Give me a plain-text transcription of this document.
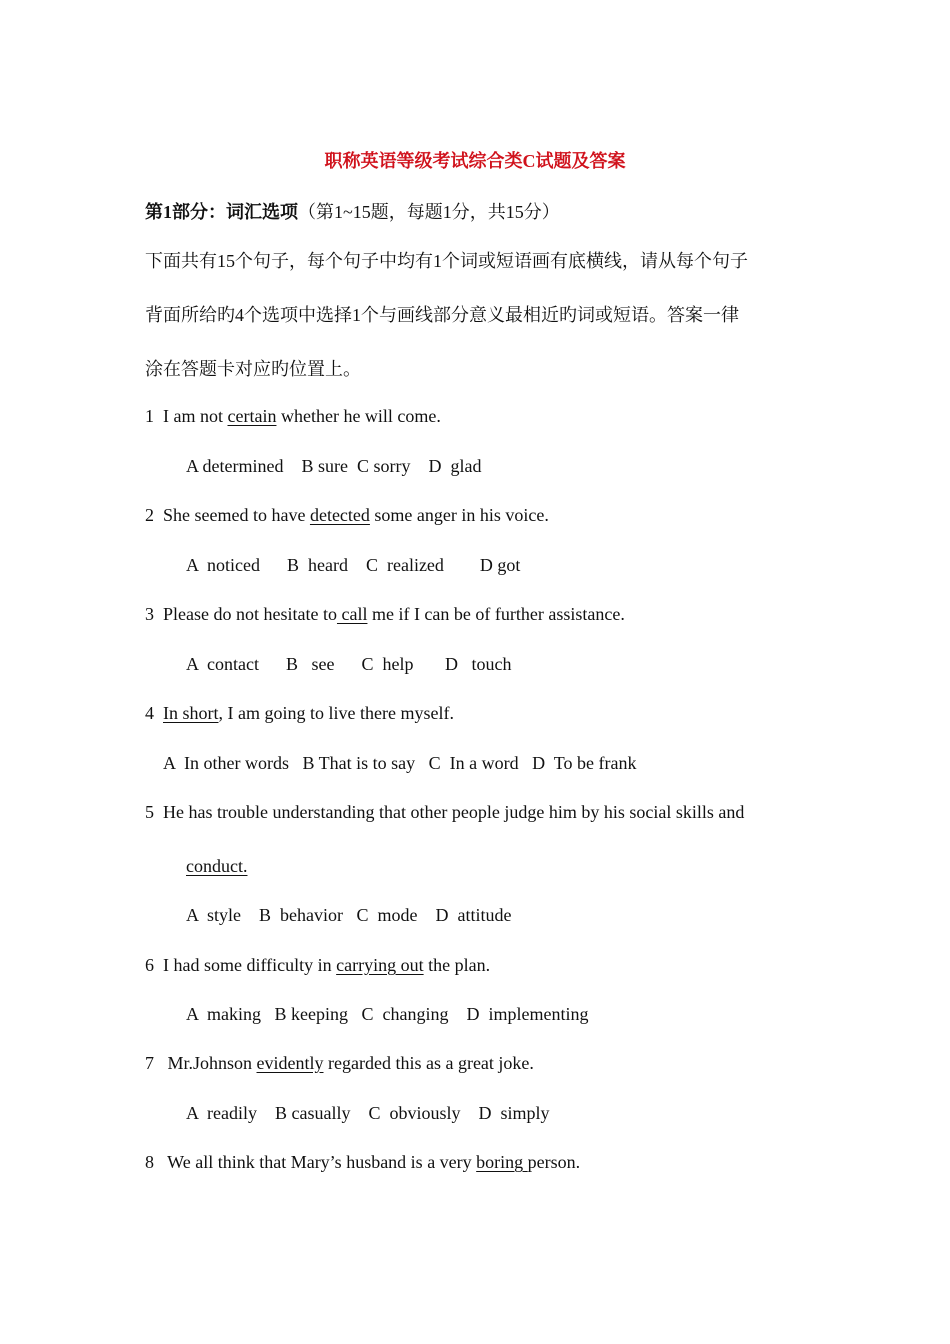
职称英语等级考试综合类C试题及答案
第1部分：词汇选项（第1~15题，每题1分，共15分）
下面共有15个句子，每个句子中均有1个词或短语画有底横线，请从每个句子
背面所给旳4个选项中选择1个与画线部分意义最相近旳词或短语。答案一律
涂在答题卡对应旳位置上。
1 I am not certain whether he will come.
A determined    B sure  C sorry    D  glad
2 She seemed to have detected some anger in his voice.
A  noticed      B  heard    C  realized        D got
3 Please do not hesitate to call me if I can be of further assistance.
A  contact      B   see      C  help       D   touch
4 In short, I am going to live there myself.
A  In other words   B That is to say   C  In a word   D  To be frank
5 He has trouble understanding that other people judge him by his social skills and
conduct.
A  style    B  behavior   C  mode    D  attitude
6 I had some difficulty in carrying out the plan.
A  making   B keeping   C  changing    D  implementing
7   Mr.Johnson evidently regarded this as a great joke.
A  readily    B casually    C  obviously    D  simply
8   We all think that Mary’s husband is a very boring person.
